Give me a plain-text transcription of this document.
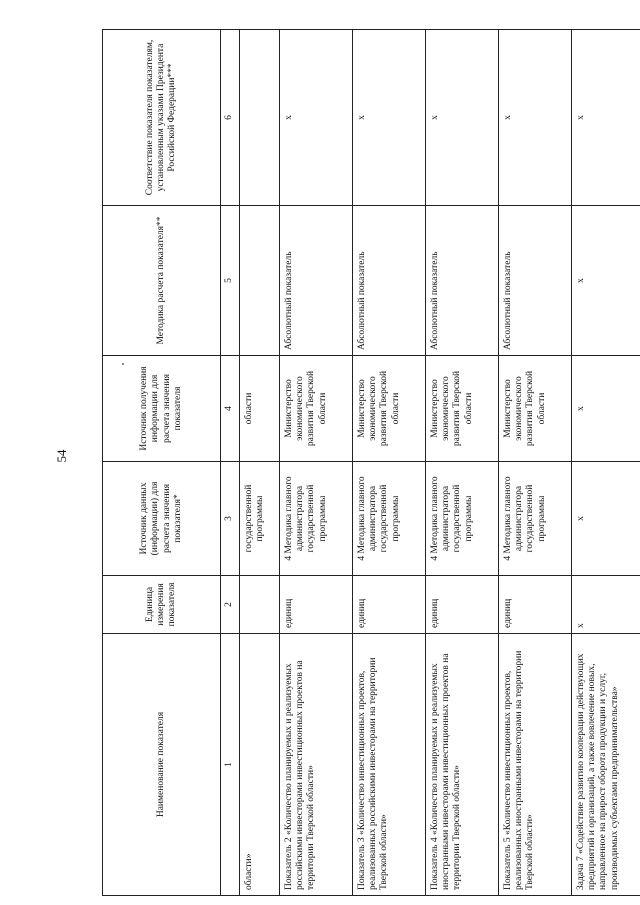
54
Наименование показателя	Единица измерения показателя	Источник данных (информации) для расчета значения показателя*	Источник получения информации для расчета значения показателя	Методика расчета показателя**	Соответствие показателя показателям, установленным указами Президента Российской Федерации***
1	2	3	4	5	6
области»		государственной программы	области		
Показатель 2 «Количество планируемых и реализуемых российскими инвесторами инвестиционных проектов на территории Тверской области»	единиц	4 Методика главного администратора государственной программы	Министерство экономического развития Тверской области	Абсолютный показатель	x
Показатель 3 «Количество инвестиционных проектов, реализованных российскими инвесторами на территории Тверской области»	единиц	4 Методика главного администратора государственной программы	Министерство экономического развития Тверской области	Абсолютный показатель	x
Показатель 4 «Количество планируемых и реализуемых иностранными инвесторами инвестиционных проектов на территории Тверской области»	единиц	4 Методика главного администратора государственной программы	Министерство экономического развития Тверской области	Абсолютный показатель	x
Показатель 5 «Количество инвестиционных проектов, реализованных иностранными инвесторами на территории Тверской области»	единиц	4 Методика главного администратора государственной программы	Министерство экономического развития Тверской области	Абсолютный показатель	x
Задача 7 «Содействие развитию кооперации действующих предприятий и организаций, а также вовлечение новых, направленное на прирост оборота продукции и услуг, производимых субъектами предпринимательства»	x	x	x	x	x
